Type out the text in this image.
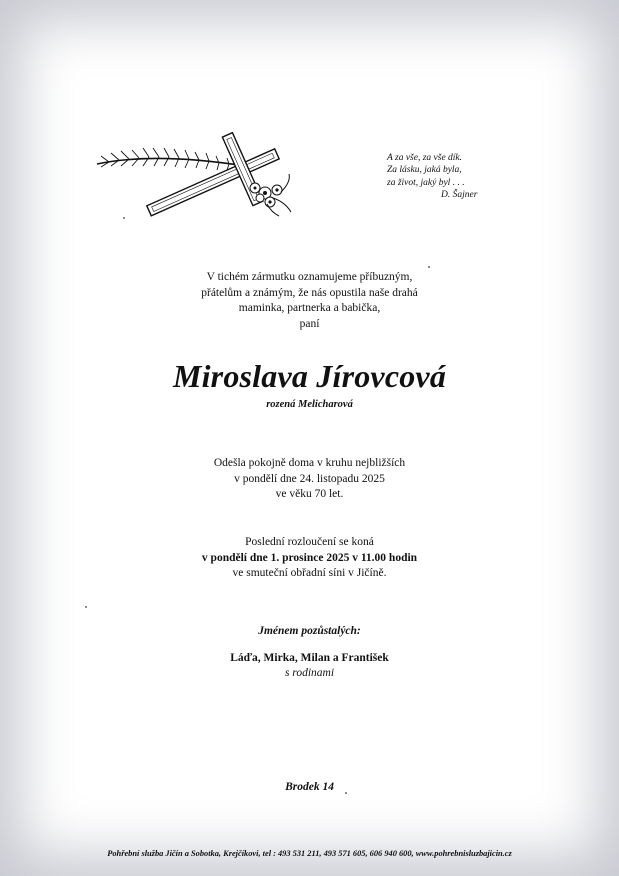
A za vše, za vše dík.
Za lásku, jaká byla,
za život, jaký byl . . .
D. Šajner
V tichém zármutku oznamujeme příbuzným,
přátelům a známým, že nás opustila naše drahá
maminka, partnerka a babička,
paní
Miroslava Jírovcová
rozená Melicharová
Odešla pokojně doma v kruhu nejbližších
v pondělí dne 24. listopadu 2025
ve věku 70 let.
Poslední rozloučení se koná
v pondělí dne 1. prosince 2025 v 11.00 hodin
ve smuteční obřadní síni v Jičíně.
Jménem pozůstalých:
Láďa, Mirka, Milan a František
s rodinami
Brodek 14
Pohřební služba Jičín a Sobotka, Krejčíkovi, tel : 493 531 211, 493 571 605, 606 940 600, www.pohrebnisluzbajicin.cz
